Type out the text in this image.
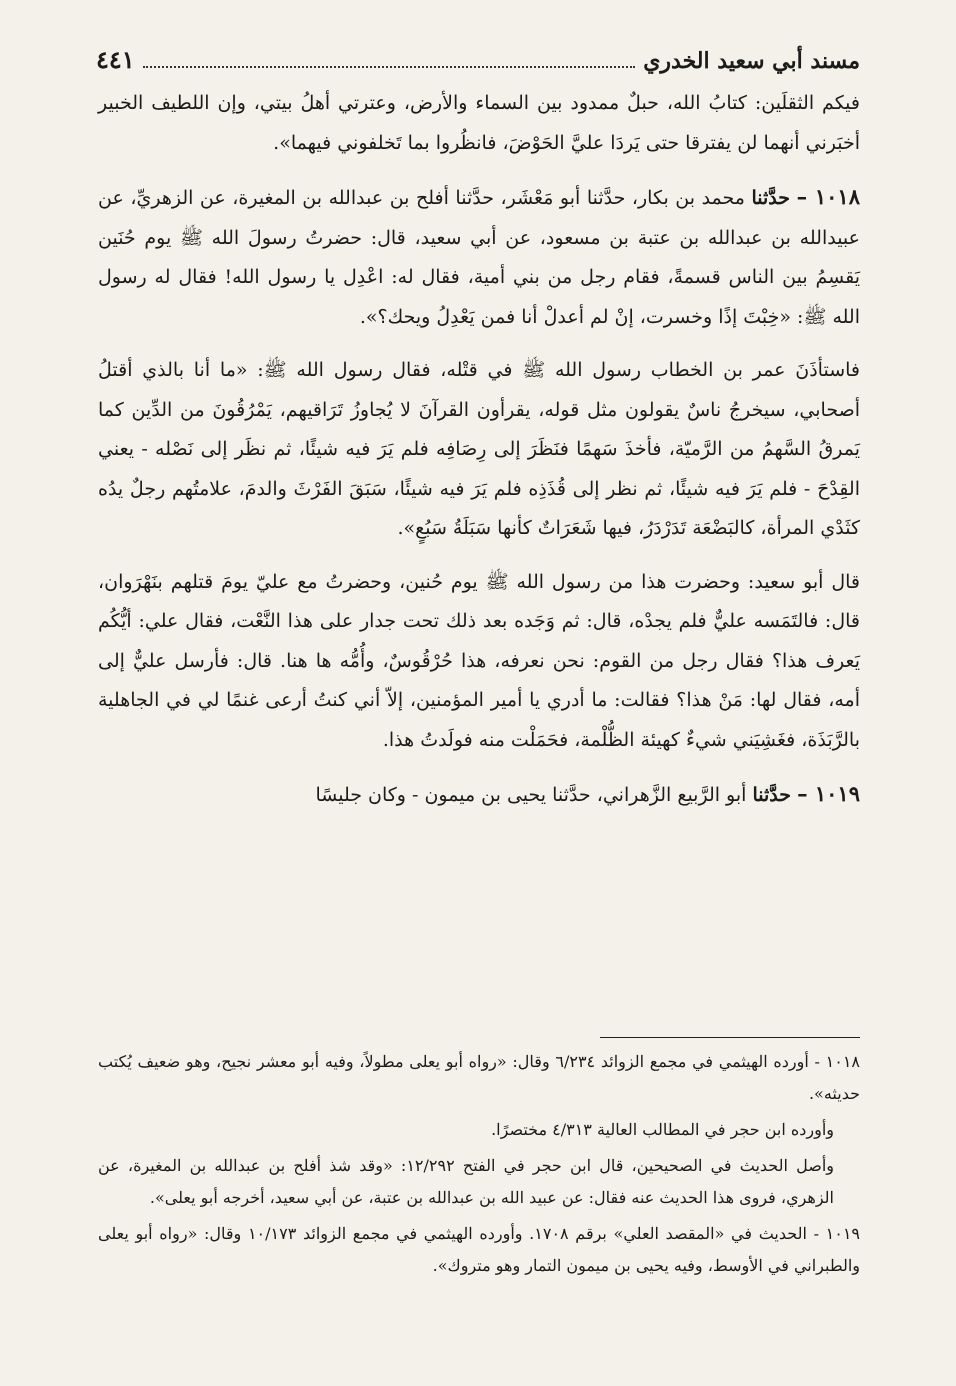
مسند أبي سعيد الخدري
٤٤١

فيكم الثقلَين: كتابُ الله، حبلٌ ممدود بين السماء والأرض، وعترتي أهلُ بيتي، وإن اللطيف الخبير أخبَرني أنهما لن يفترقا حتى يَردَا عليَّ الحَوْضَ، فانظُروا بما تَخلفوني فيهما».

١٠١٨ – حدَّثنا محمد بن بكار، حدَّثنا أبو مَعْشَر، حدَّثنا أفلح بن عبدالله بن المغيرة، عن الزهريِّ، عن عبيدالله بن عبدالله بن عتبة بن مسعود، عن أبي سعيد، قال: حضرتُ رسولَ الله ﷺ يوم حُنَين يَقسِمُ بين الناس قسمةً، فقام رجل من بني أمية، فقال له: اعْدِل يا رسول الله! فقال له رسول الله ﷺ: «خِبْتَ إذًا وخسرت، إنْ لم أعدلْ أنا فمن يَعْدِلُ ويحك؟».

فاستأذَنَ عمر بن الخطاب رسول الله ﷺ في قتْله، فقال رسول الله ﷺ: «ما أنا بالذي أقتلُ أصحابي، سيخرجُ ناسٌ يقولون مثل قوله، يقرأون القرآنَ لا يُجاوزُ تَرَاقيهم، يَمْرُقُونَ من الدِّين كما يَمرقُ السَّهمُ من الرَّميّة، فأخذَ سَهمًا فنَظَرَ إلى رِصَافِه فلم يَرَ فيه شيئًا، ثم نظَر إلى نَصْله - يعني القِدْحَ - فلم يَرَ فيه شيئًا، ثم نظر إلى قُذَذِه فلم يَرَ فيه شيئًا، سَبَقَ الفَرْثَ والدمَ، علامتُهم رجلٌ يدُه كثَدْي المرأة، كالبَضْعَة تَدَرْدَرُ، فيها شَعَرَاتٌ كأنها سَبَلَةُ سَبُعٍ».

قال أبو سعيد: وحضرت هذا من رسول الله ﷺ يوم حُنين، وحضرتُ مع عليّ يومَ قتلهم بنَهْرَوان، قال: فالتَمَسه عليٌّ فلم يجدْه، قال: ثم وَجَده بعد ذلك تحت جدار على هذا النَّعْت، فقال علي: أيُّكُم يَعرف هذا؟ فقال رجل من القوم: نحن نعرفه، هذا حُرْقُوسٌ، وأُمُّه ها هنا. قال: فأرسل عليٌّ إلى أمه، فقال لها: مَنْ هذا؟ فقالت: ما أدري يا أمير المؤمنين، إلاّ أني كنتُ أرعى غنمًا لي في الجاهلية بالرَّبَذَة، فغَشِيَني شيءٌ كهيئة الظُّلْمة، فحَمَلْت منه فولَدتُ هذا.

١٠١٩ – حدَّثنا أبو الرَّبيع الزَّهراني، حدَّثنا يحيى بن ميمون - وكان جليسًا

١٠١٨ - أورده الهيثمي في مجمع الزوائد ٦/٢٣٤ وقال: «رواه أبو يعلى مطولاً، وفيه أبو معشر نجيح، وهو ضعيف يُكتب حديثه».

وأورده ابن حجر في المطالب العالية ٤/٣١٣ مختصرًا.

وأصل الحديث في الصحيحين، قال ابن حجر في الفتح ١٢/٢٩٢: «وقد شذ أفلح بن عبدالله بن المغيرة، عن الزهري، فروى هذا الحديث عنه فقال: عن عبيد الله بن عبدالله بن عتبة، عن أبي سعيد، أخرجه أبو يعلى».

١٠١٩ - الحديث في «المقصد العلي» برقم ١٧٠٨. وأورده الهيثمي في مجمع الزوائد ١٠/١٧٣ وقال: «رواه أبو يعلى والطبراني في الأوسط، وفيه يحيى بن ميمون التمار وهو متروك».
